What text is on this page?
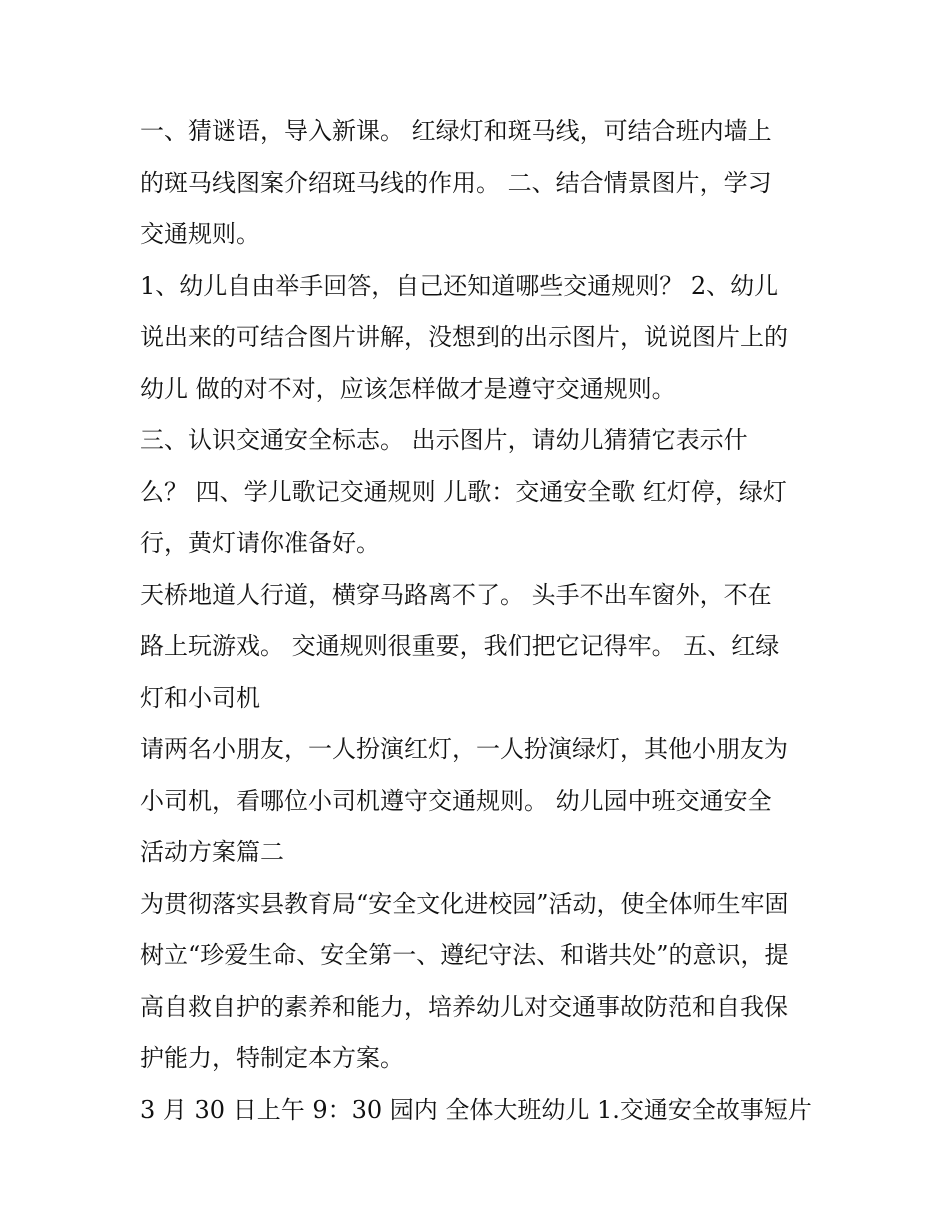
一、猜谜语，导入新课。 红绿灯和斑马线，可结合班内墙上
的斑马线图案介绍斑马线的作用。 二、结合情景图片，学习
交通规则。
1、幼儿自由举手回答，自己还知道哪些交通规则？ 2、幼儿
说出来的可结合图片讲解，没想到的出示图片，说说图片上的
幼儿 做的对不对，应该怎样做才是遵守交通规则。
三、认识交通安全标志。 出示图片，请幼儿猜猜它表示什
么？ 四、学儿歌记交通规则 儿歌：交通安全歌 红灯停，绿灯
行，黄灯请你准备好。
天桥地道人行道，横穿马路离不了。 头手不出车窗外，不在
路上玩游戏。 交通规则很重要，我们把它记得牢。 五、红绿
灯和小司机
请两名小朋友，一人扮演红灯，一人扮演绿灯，其他小朋友为
小司机，看哪位小司机遵守交通规则。 幼儿园中班交通安全
活动方案篇二
为贯彻落实县教育局“安全文化进校园”活动，使全体师生牢固
树立“珍爱生命、安全第一、遵纪守法、和谐共处”的意识，提
高自救自护的素养和能力，培养幼儿对交通事故防范和自我保
护能力，特制定本方案。
3 月 30 日上午 9：30 园内 全体大班幼儿 1.交通安全故事短片
